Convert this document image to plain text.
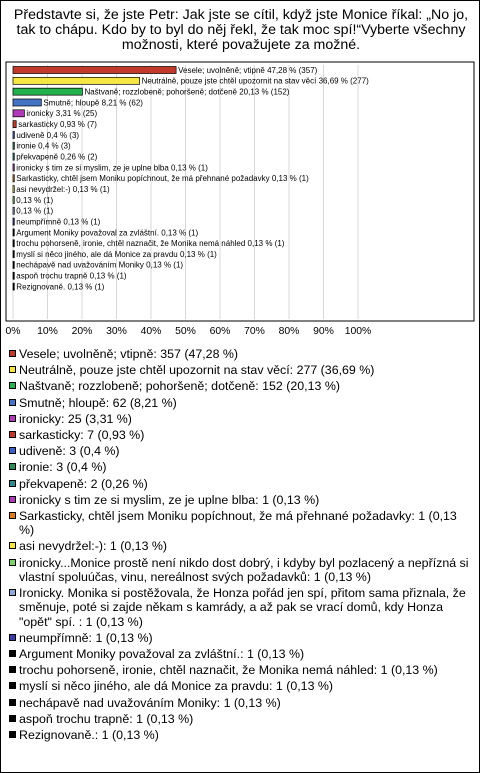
Představte si, že jste Petr: Jak jste se cítil, když jste Monice říkal: „No jo, tak to chápu. Kdo by to byl do něj řekl, že tak moc spí!“Vyberte všechny možnosti, které považujete za možné.
0% 10% 20% 30% 40% 50% 60% 70% 80% 90% 100%
Vesele; uvolněně; vtipně 47,28 % (357)
Neutrálně, pouze jste chtěl upozornit na stav věcí 36,69 % (277)
Naštvaně; rozzlobeně; pohoršeně; dotčeně 20,13 % (152)
Smutně; hloupě 8,21 % (62)
ironicky 3,31 % (25)
sarkasticky 0,93 % (7)
udiveně 0,4 % (3)
ironie 0,4 % (3)
překvapeně 0,26 % (2)
ironicky s tim ze si myslim, ze je uplne blba 0,13 % (1)
Sarkasticky, chtěl jsem Moniku popíchnout, že má přehnané požadavky 0,13 % (1)
asi nevydržel:-) 0,13 % (1)
0,13 % (1)
0,13 % (1)
neumpřímně 0,13 % (1)
Argument Moniky považoval za zvláštní. 0,13 % (1)
trochu pohorseně, ironie, chtěl naznačit, že Monika nemá náhled 0,13 % (1)
myslí si něco jiného, ale dá Monice za pravdu 0,13 % (1)
nechápavě nad uvažováním Moniky 0,13 % (1)
aspoň trochu trapně 0,13 % (1)
Rezignovaně. 0,13 % (1)
Vesele; uvolněně; vtipně: 357 (47,28 %)
Neutrálně, pouze jste chtěl upozornit na stav věcí: 277 (36,69 %)
Naštvaně; rozzlobeně; pohoršeně; dotčeně: 152 (20,13 %)
Smutně; hloupě: 62 (8,21 %)
ironicky: 25 (3,31 %)
sarkasticky: 7 (0,93 %)
udiveně: 3 (0,4 %)
ironie: 3 (0,4 %)
překvapeně: 2 (0,26 %)
ironicky s tim ze si myslim, ze je uplne blba: 1 (0,13 %)
Sarkasticky, chtěl jsem Moniku popíchnout, že má přehnané požadavky: 1 (0,13 %)
asi nevydržel:-): 1 (0,13 %)
ironicky...Monice prostě není nikdo dost dobrý, i kdyby byl pozlacený a nepřízná si vlastní spoluúčas, vinu, nereálnost svých požadavků: 1 (0,13 %)
Ironicky. Monika si postěžovala, že Honza pořád jen spí, přitom sama přiznala, že směnuje, poté si zajde někam s kamrády, a až pak se vrací domů, kdy Honza "opět" spí. : 1 (0,13 %)
neumpřímně: 1 (0,13 %)
Argument Moniky považoval za zvláštní.: 1 (0,13 %)
trochu pohorseně, ironie, chtěl naznačit, že Monika nemá náhled: 1 (0,13 %)
myslí si něco jiného, ale dá Monice za pravdu: 1 (0,13 %)
nechápavě nad uvažováním Moniky: 1 (0,13 %)
aspoň trochu trapně: 1 (0,13 %)
Rezignovaně.: 1 (0,13 %)
